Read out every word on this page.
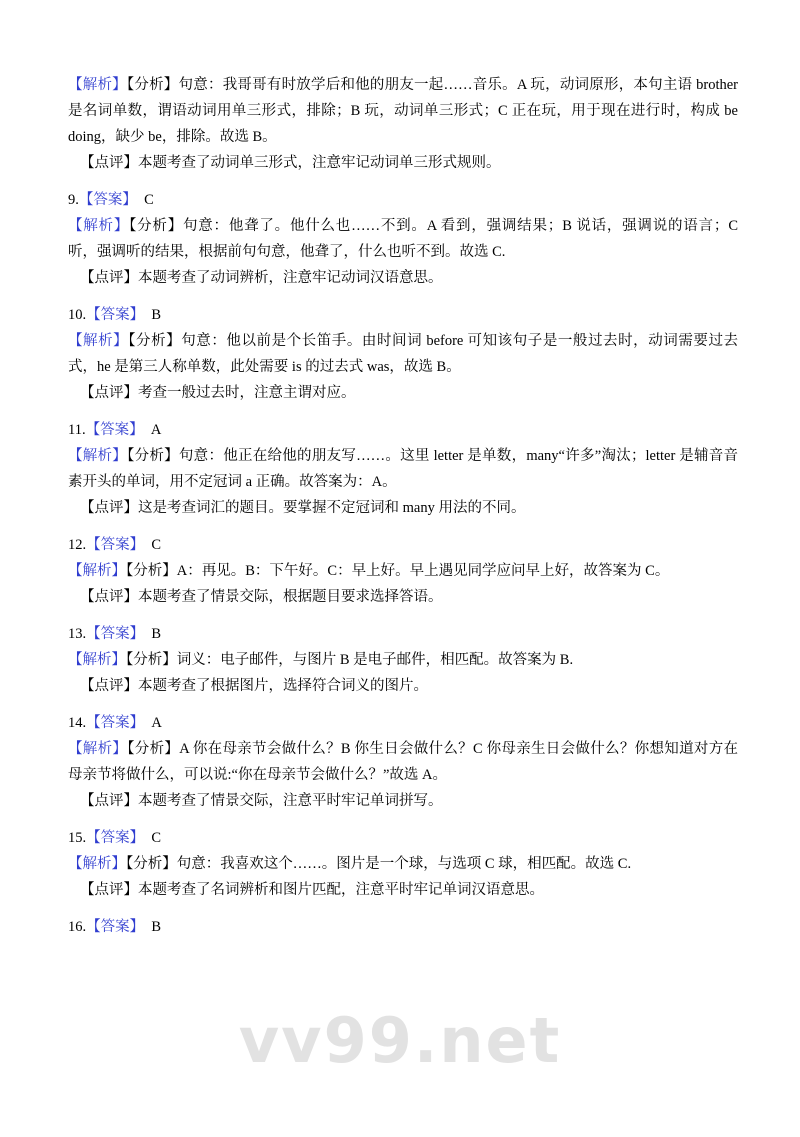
vv99.net
【解析】【分析】句意：我哥哥有时放学后和他的朋友一起……音乐。A 玩，动词原形，本句主语 brother 是名词单数，谓语动词用单三形式，排除；B 玩，动词单三形式；C 正在玩，用于现在进行时，构成 be doing，缺少 be，排除。故选 B。
【点评】本题考查了动词单三形式，注意牢记动词单三形式规则。
9.【答案】 C
【解析】【分析】句意：他聋了。他什么也……不到。A 看到，强调结果；B 说话，强调说的语言；C 听，强调听的结果，根据前句句意，他聋了，什么也听不到。故选 C.
【点评】本题考查了动词辨析，注意牢记动词汉语意思。
10.【答案】 B
【解析】【分析】句意：他以前是个长笛手。由时间词 before 可知该句子是一般过去时，动词需要过去式，he 是第三人称单数，此处需要 is 的过去式 was，故选 B。
【点评】考查一般过去时，注意主谓对应。
11.【答案】 A
【解析】【分析】句意：他正在给他的朋友写……。这里 letter 是单数，many“许多”淘汰；letter 是辅音音素开头的单词，用不定冠词 a 正确。故答案为：A。
【点评】这是考查词汇的题目。要掌握不定冠词和 many 用法的不同。
12.【答案】 C
【解析】【分析】A：再见。B：下午好。C：早上好。早上遇见同学应问早上好，故答案为 C。
【点评】本题考查了情景交际，根据题目要求选择答语。
13.【答案】 B
【解析】【分析】词义：电子邮件，与图片 B 是电子邮件，相匹配。故答案为 B.
【点评】本题考查了根据图片，选择符合词义的图片。
14.【答案】 A
【解析】【分析】A 你在母亲节会做什么？B 你生日会做什么？C 你母亲生日会做什么？你想知道对方在母亲节将做什么，可以说:“你在母亲节会做什么？”故选 A。
【点评】本题考查了情景交际，注意平时牢记单词拼写。
15.【答案】 C
【解析】【分析】句意：我喜欢这个……。图片是一个球，与选项 C 球，相匹配。故选 C.
【点评】本题考查了名词辨析和图片匹配，注意平时牢记单词汉语意思。
16.【答案】 B
